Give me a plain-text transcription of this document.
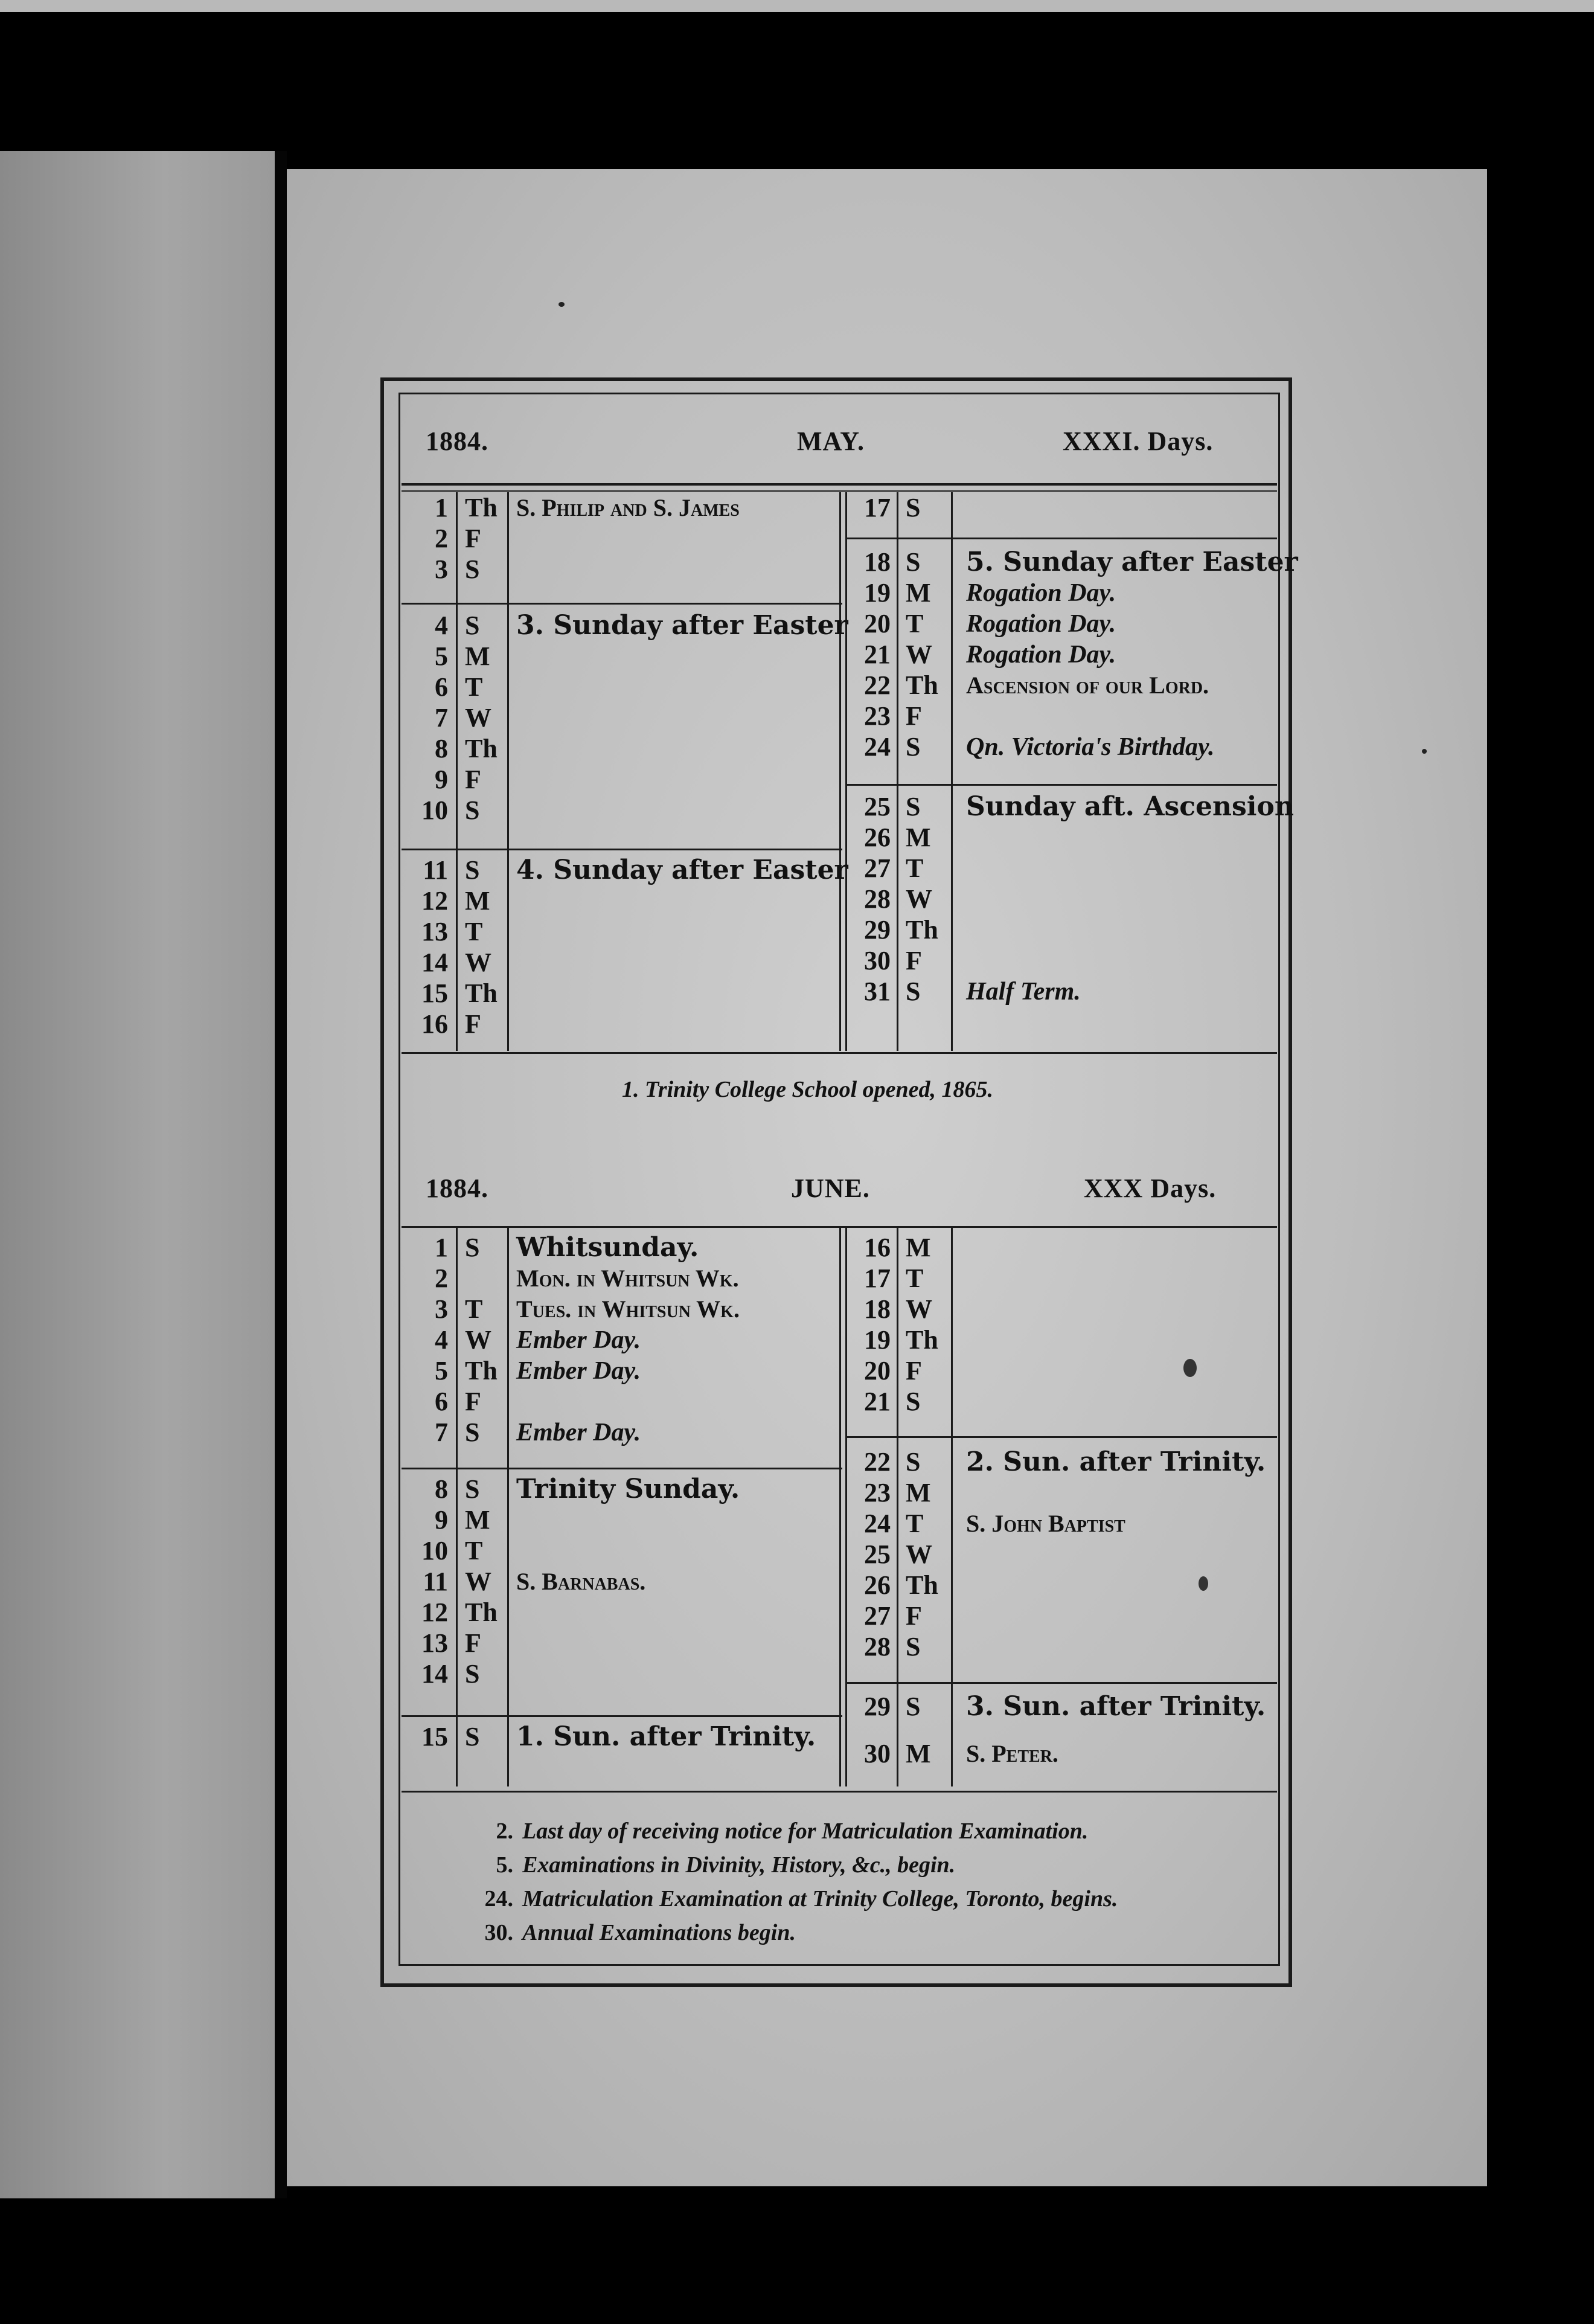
1884.	MAY.	XXXI. Days.
1 Th S. Philip and S. James
2 F
3 S
4 S	3. Sunday after Easter
5 M
6 T
7 W
8 Th
9 F
10 S
11 S	4. Sunday after Easter
12 M
13 T
14 W
15 Th
16 F
17 S
18 S	5. Sunday after Easter
19 M	Rogation Day.
20 T	Rogation Day.
21 W	Rogation Day.
22 Th	Ascension of our Lord.
23 F
24 S	Qn. Victoria's Birthday.
25 S	Sunday aft. Ascension
26 M
27 T
28 W
29 Th
30 F
31 S	Half Term.
1. Trinity College School opened, 1865.
1884.	JUNE.	XXX Days.
1 S	Whitsunday.
2	Mon. in Whitsun Wk.
3 T	Tues. in Whitsun Wk.
4 W Ember Day.
5 Th Ember Day.
6 F
7 S	Ember Day.
8 S	Trinity Sunday.
9 M
10 T
11 W	S. Barnabas.
12 Th
13 F
14 S
15 S	1. Sun. after Trinity.
16 M
17 T
18 W
19 Th
20 F
21 S
22 S	2. Sun. after Trinity.
23 M
24 T	S. John Baptist
25 W
26 Th
27 F
28 S
29 S	3. Sun. after Trinity.
30 M	S. Peter.
2. Last day of receiving notice for Matriculation Examination.
5. Examinations in Divinity, History, &c., begin.
24. Matriculation Examination at Trinity College, Toronto, begins.
30. Annual Examinations begin.
